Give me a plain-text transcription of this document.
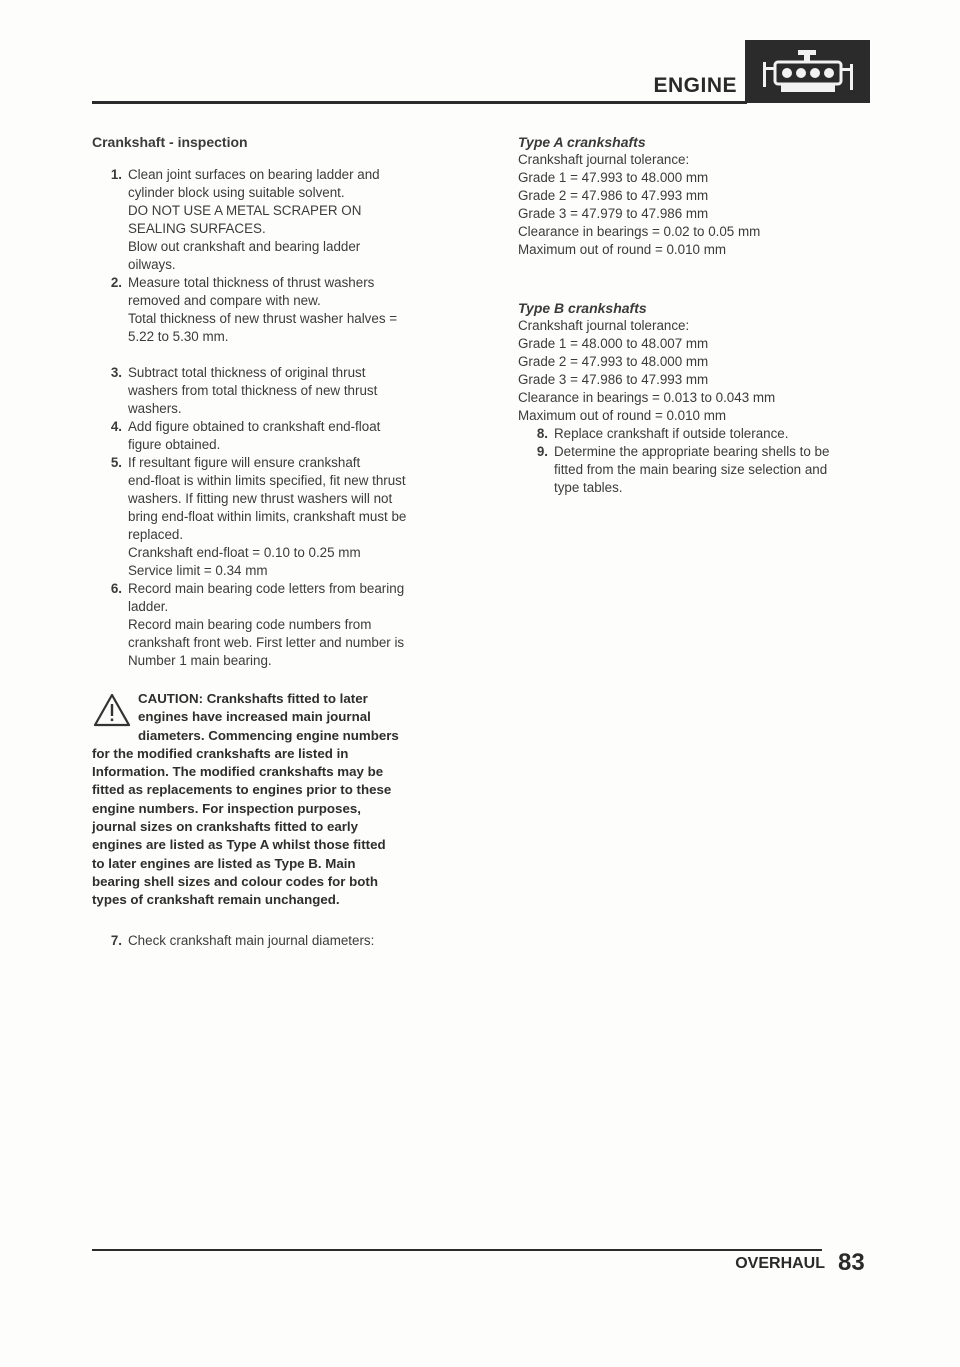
ENGINE
Crankshaft - inspection
1. Clean joint surfaces on bearing ladder and

cylinder block using suitable solvent.

DO NOT USE A METAL SCRAPER ON

SEALING SURFACES.

Blow out crankshaft and bearing ladder

oilways.

2. Measure total thickness of thrust washers

removed and compare with new.

Total thickness of new thrust washer halves =

5.22 to 5.30 mm.

3. Subtract total thickness of original thrust

washers from total thickness of new thrust

washers.

4. Add figure obtained to crankshaft end-float

figure obtained.

5. If resultant figure will ensure crankshaft

end-float is within limits specified, fit new thrust

washers. If fitting new thrust washers will not

bring end-float within limits, crankshaft must be

replaced.

Crankshaft end-float = 0.10 to 0.25 mm

Service limit = 0.34 mm

6. Record main bearing code letters from bearing

ladder.

Record main bearing code numbers from

crankshaft front web. First letter and number is

Number 1 main bearing.

CAUTION: Crankshafts fitted to later
engines have increased main journal
diameters. Commencing engine numbers
for the modified crankshafts are listed in
Information. The modified crankshafts may be
fitted as replacements to engines prior to these
engine numbers. For inspection purposes,
journal sizes on crankshafts fitted to early
engines are listed as Type A whilst those fitted
to later engines are listed as Type B. Main
bearing shell sizes and colour codes for both
types of crankshaft remain unchanged.
7. Check crankshaft main journal diameters:

Type A crankshafts

Crankshaft journal tolerance:

Grade 1 = 47.993 to 48.000 mm

Grade 2 = 47.986 to 47.993 mm

Grade 3 = 47.979 to 47.986 mm

Clearance in bearings = 0.02 to 0.05 mm

Maximum out of round = 0.010 mm

Type B crankshafts

Crankshaft journal tolerance:

Grade 1 = 48.000 to 48.007 mm

Grade 2 = 47.993 to 48.000 mm

Grade 3 = 47.986 to 47.993 mm

Clearance in bearings = 0.013 to 0.043 mm

Maximum out of round = 0.010 mm

8. Replace crankshaft if outside tolerance.

9. Determine the appropriate bearing shells to be

fitted from the main bearing size selection and

type tables.

OVERHAUL 83
